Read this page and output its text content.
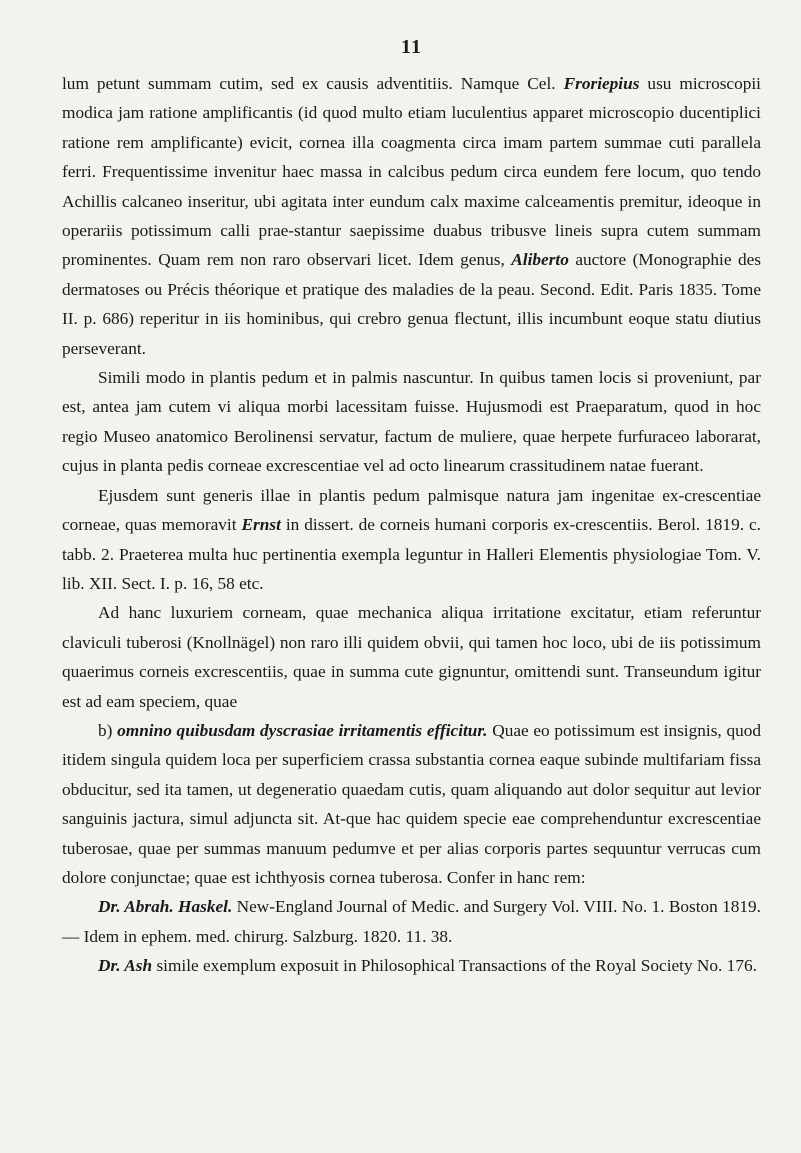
11

lum petunt summam cutim, sed ex causis adventitiis. Namque Cel. Froriepius usu microscopii modica jam ratione amplificantis (id quod multo etiam luculentius apparet microscopio ducentiplici ratione rem amplificante) evicit, cornea illa coagmenta circa imam partem summae cuti parallela ferri. Frequentissime invenitur haec massa in calcibus pedum circa eundem fere locum, quo tendo Achillis calcaneo inseritur, ubi agitata inter eundum calx maxime calceamentis premitur, ideoque in operariis potissimum calli prae-stantur saepissime duabus tribusve lineis supra cutem summam prominentes. Quam rem non raro observari licet. Idem genus, Aliberto auctore (Monographie des dermatoses ou Précis théorique et pratique des maladies de la peau. Second. Edit. Paris 1835. Tome II. p. 686) reperitur in iis hominibus, qui crebro genua flectunt, illis incumbunt eoque statu diutius perseverant.

Simili modo in plantis pedum et in palmis nascuntur. In quibus tamen locis si proveniunt, par est, antea jam cutem vi aliqua morbi lacessitam fuisse. Hujusmodi est Praeparatum, quod in hoc regio Museo anatomico Berolinensi servatur, factum de muliere, quae herpete furfuraceo laborarat, cujus in planta pedis corneae excrescentiae vel ad octo linearum crassitudinem natae fuerant.

Ejusdem sunt generis illae in plantis pedum palmisque natura jam ingenitae ex-crescentiae corneae, quas memoravit Ernst in dissert. de corneis humani corporis ex-crescentiis. Berol. 1819. c. tabb. 2. Praeterea multa huc pertinentia exempla leguntur in Halleri Elementis physiologiae Tom. V. lib. XII. Sect. I. p. 16, 58 etc.

Ad hanc luxuriem corneam, quae mechanica aliqua irritatione excitatur, etiam referuntur claviculi tuberosi (Knollnägel) non raro illi quidem obvii, qui tamen hoc loco, ubi de iis potissimum quaerimus corneis excrescentiis, quae in summa cute gignuntur, omittendi sunt. Transeundum igitur est ad eam speciem, quae

b) omnino quibusdam dyscrasiae irritamentis efficitur. Quae eo potissimum est insignis, quod itidem singula quidem loca per superficiem crassa substantia cornea eaque subinde multifariam fissa obducitur, sed ita tamen, ut degeneratio quaedam cutis, quam aliquando aut dolor sequitur aut levior sanguinis jactura, simul adjuncta sit. At-que hac quidem specie eae comprehenduntur excrescentiae tuberosae, quae per summas manuum pedumve et per alias corporis partes sequuntur verrucas cum dolore conjunctae; quae est ichthyosis cornea tuberosa. Confer in hanc rem:

Dr. Abrah. Haskel. New-England Journal of Medic. and Surgery Vol. VIII. No. 1. Boston 1819. — Idem in ephem. med. chirurg. Salzburg. 1820. 11. 38.

Dr. Ash simile exemplum exposuit in Philosophical Transactions of the Royal Society No. 176.
